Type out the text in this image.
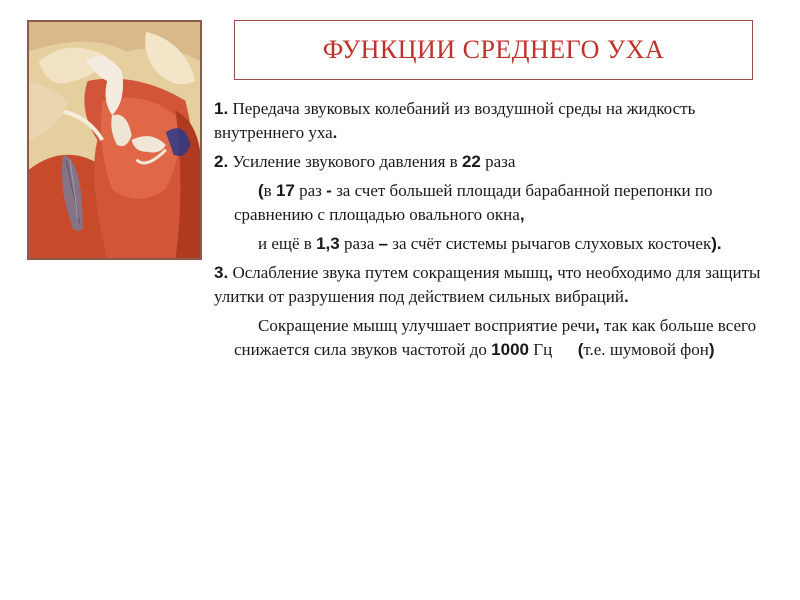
ФУНКЦИИ СРЕДНЕГО УХА

1. Передача звуковых колебаний из воздушной среды на жидкость внутреннего уха.

2. Усиление звукового давления в 22 раза

(в 17 раз - за счет большей площади барабанной перепонки по сравнению с площадью овального окна,

и ещё в 1,3 раза – за счёт системы рычагов слуховых косточек).

3. Ослабление звука путем сокращения мышц, что необходимо для защиты улитки от разрушения под действием сильных вибраций.

Сокращение мышц улучшает восприятие речи, так как больше всего снижается сила звуков частотой до 1000 Гц (т.е. шумовой фон)
